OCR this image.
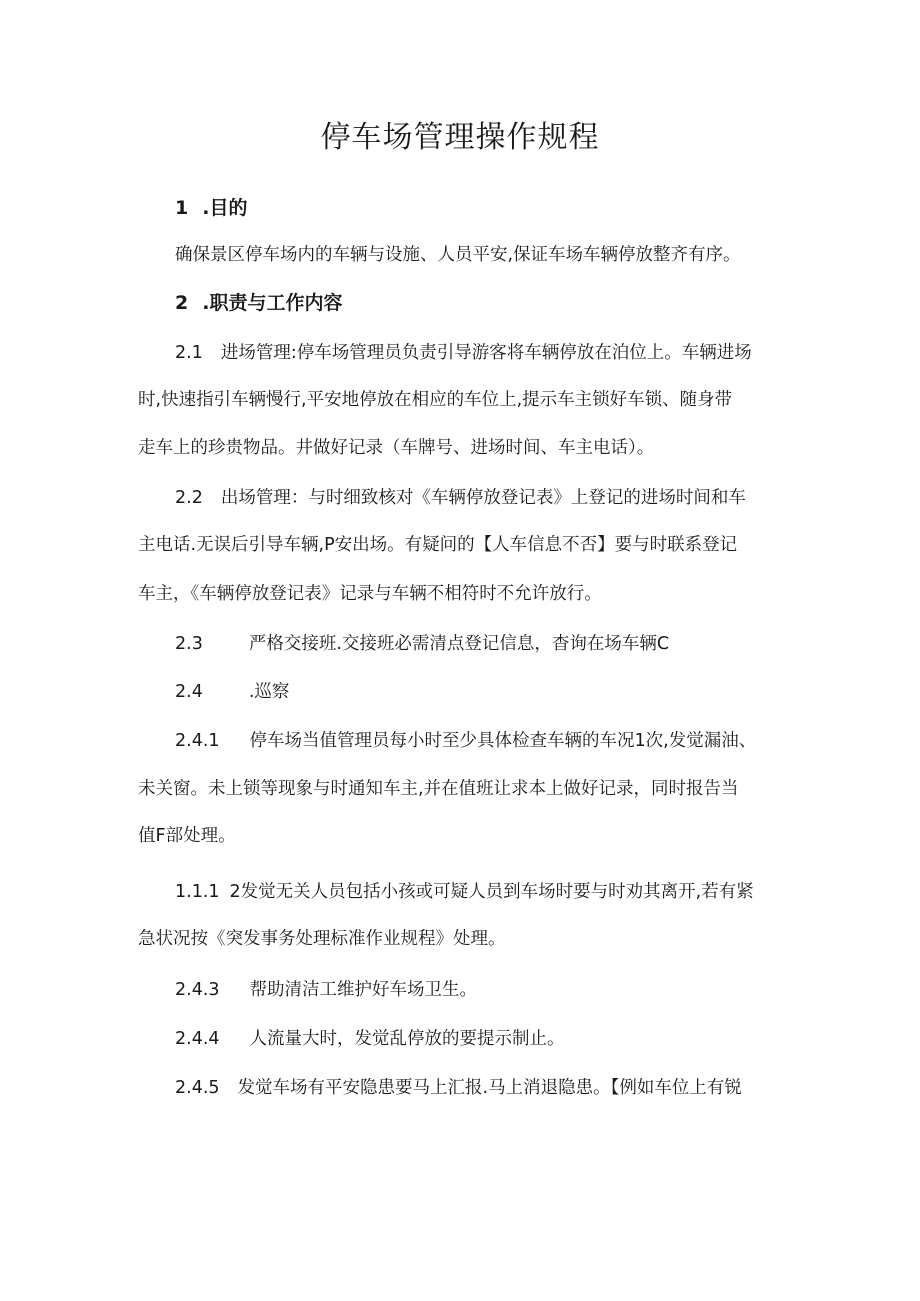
停车场管理操作规程
1 .目的
确保景区停车场内的车辆与设施、人员平安,保证车场车辆停放整齐有序。
2 .职责与工作内容
2.1 进场管理:停车场管理员负责引导游客将车辆停放在泊位上。车辆进场
时,快速指引车辆慢行,平安地停放在相应的车位上,提示车主锁好车锁、随身带
走车上的珍贵物品。井做好记录（车牌号、进场时间、车主电话）。
2.2 出场管理：与时细致核对《车辆停放登记表》上登记的进场时间和车
主电话.无误后引导车辆,P安出场。有疑问的【人车信息不否】要与时联系登记
车主，《车辆停放登记表》记录与车辆不相符时不允许放行。
2.3	严格交接班.交接班必需清点登记信息，杳询在场车辆C
2.4	.巡察
2.4.1 停车场当值管理员每小时至少具体检查车辆的车况1次,发觉漏油、
未关窗。未上锁等现象与时通知车主,并在值班让求本上做好记录，同时报告当
值F部处理。
1.1.1 2发觉无关人员包括小孩或可疑人员到车场时要与时劝其离开,若有紧
急状况按《突发事务处理标准作业规程》处理。
2.4.3 帮助清洁工维护好车场卫生。
2.4.4 人流量大时，发觉乱停放的要提示制止。
2.4.5 发觉车场有平安隐患要马上汇报.马上消退隐患。【例如车位上有锐
